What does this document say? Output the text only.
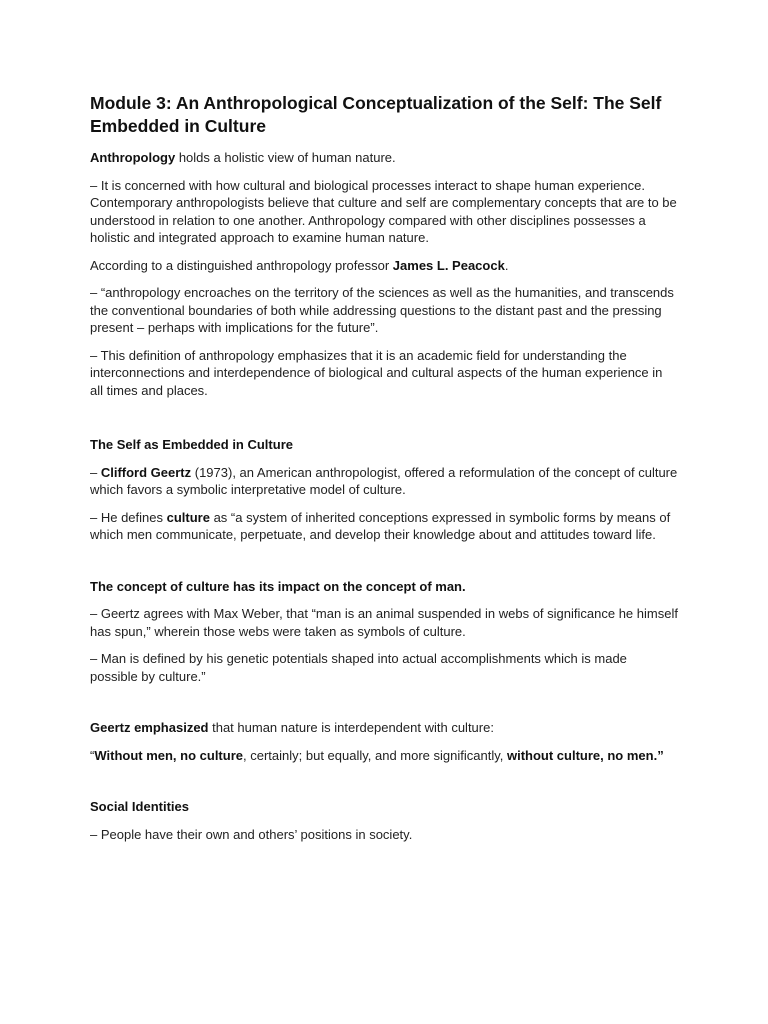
Module 3: An Anthropological Conceptualization of the Self: The Self Embedded in Culture

Anthropology holds a holistic view of human nature.

– It is concerned with how cultural and biological processes interact to shape human experience. Contemporary anthropologists believe that culture and self are complementary concepts that are to be understood in relation to one another. Anthropology compared with other disciplines possesses a holistic and integrated approach to examine human nature.

According to a distinguished anthropology professor James L. Peacock.

– “anthropology encroaches on the territory of the sciences as well as the humanities, and transcends the conventional boundaries of both while addressing questions to the distant past and the pressing present – perhaps with implications for the future”.

– This definition of anthropology emphasizes that it is an academic field for understanding the interconnections and interdependence of biological and cultural aspects of the human experience in all times and places.

The Self as Embedded in Culture

– Clifford Geertz (1973), an American anthropologist, offered a reformulation of the concept of culture which favors a symbolic interpretative model of culture.

– He defines culture as “a system of inherited conceptions expressed in symbolic forms by means of which men communicate, perpetuate, and develop their knowledge about and attitudes toward life.

The concept of culture has its impact on the concept of man.

– Geertz agrees with Max Weber, that “man is an animal suspended in webs of significance he himself has spun,” wherein those webs were taken as symbols of culture.

– Man is defined by his genetic potentials shaped into actual accomplishments which is made possible by culture.”

Geertz emphasized that human nature is interdependent with culture:

“Without men, no culture, certainly; but equally, and more significantly, without culture, no men.”

Social Identities

– People have their own and others’ positions in society.
